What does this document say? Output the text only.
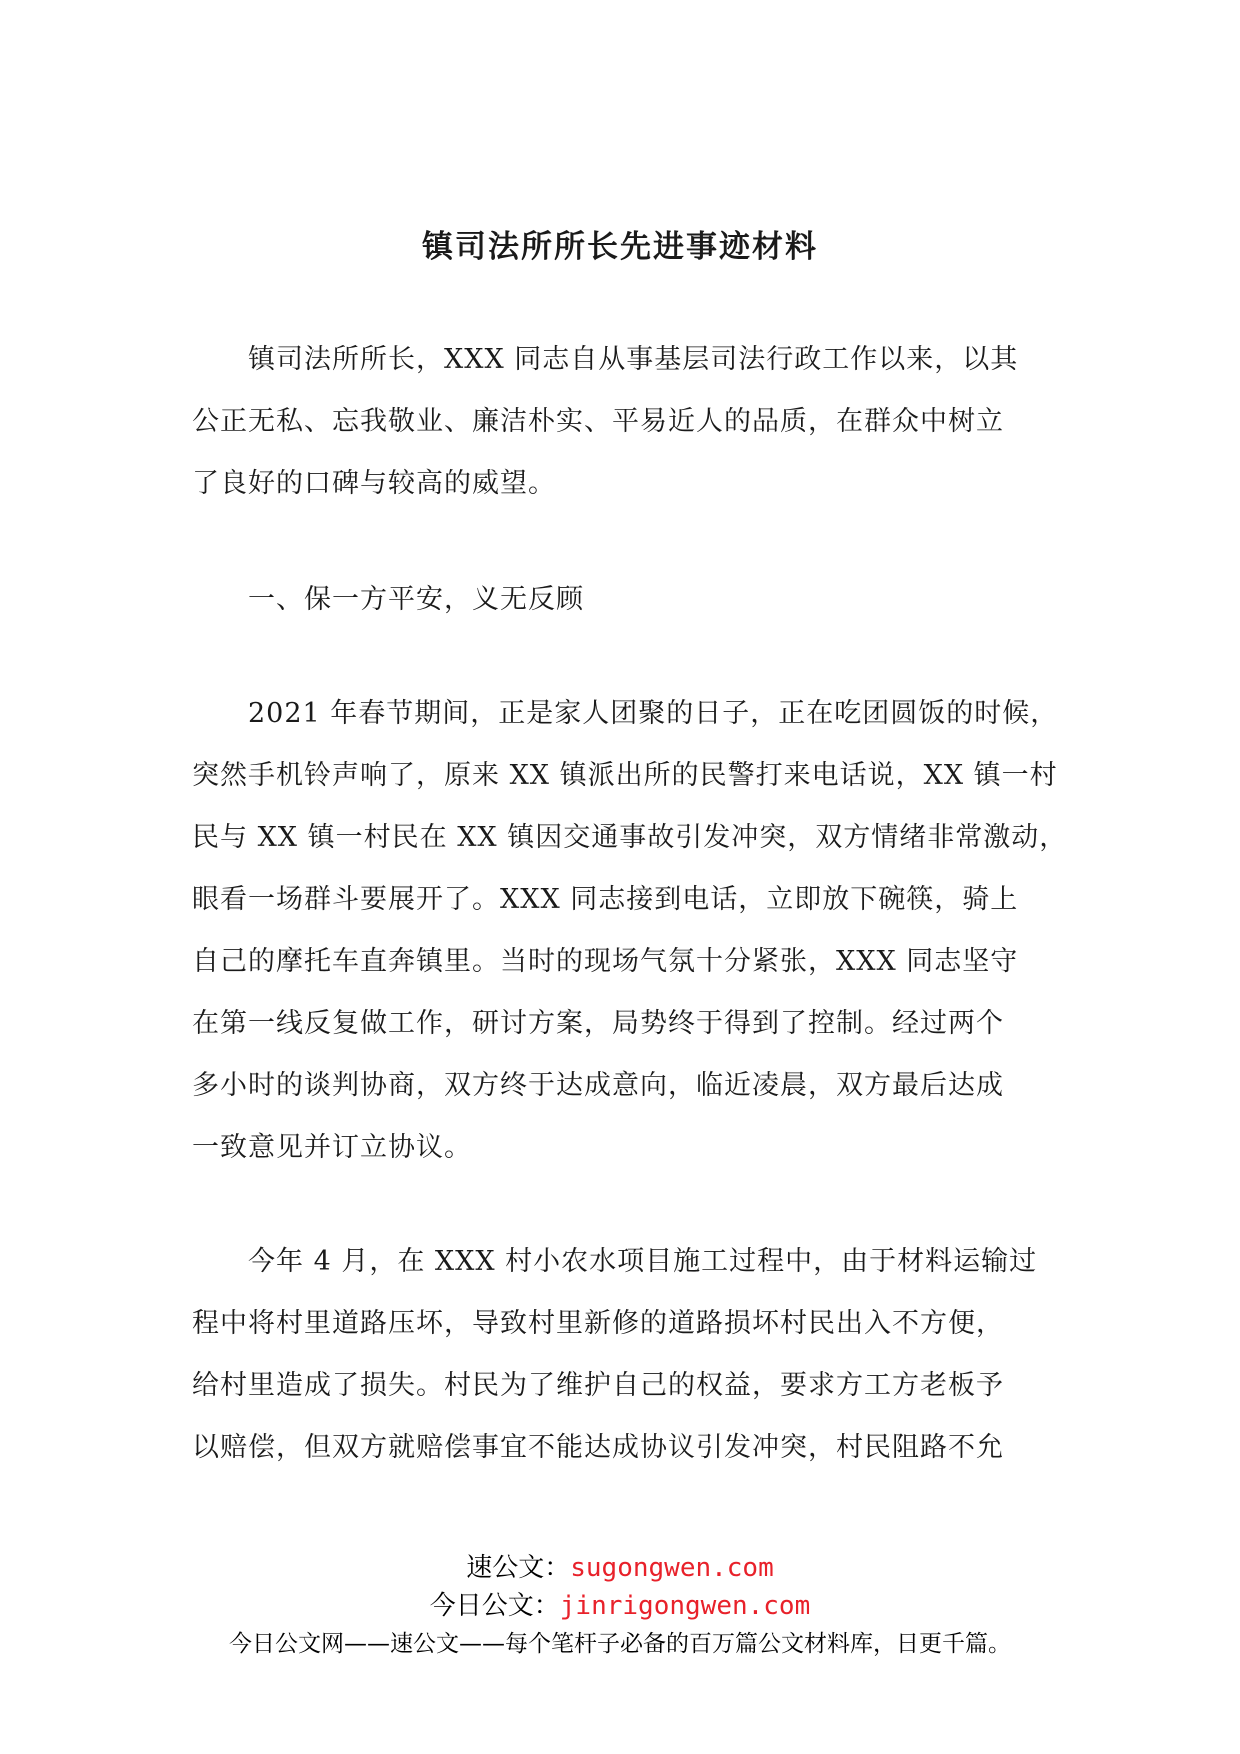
镇司法所所长先进事迹材料
　　镇司法所所长，XXX 同志自从事基层司法行政工作以来，以其
公正无私、忘我敬业、廉洁朴实、平易近人的品质，在群众中树立
了良好的口碑与较高的威望。
　　一、保一方平安，义无反顾
　　2021 年春节期间，正是家人团聚的日子，正在吃团圆饭的时候，
突然手机铃声响了，原来 XX 镇派出所的民警打来电话说，XX 镇一村
民与 XX 镇一村民在 XX 镇因交通事故引发冲突，双方情绪非常激动，
眼看一场群斗要展开了。XXX 同志接到电话，立即放下碗筷，骑上
自己的摩托车直奔镇里。当时的现场气氛十分紧张，XXX 同志坚守
在第一线反复做工作，研讨方案，局势终于得到了控制。经过两个
多小时的谈判协商，双方终于达成意向，临近凌晨，双方最后达成
一致意见并订立协议。
　　今年 4 月，在 XXX 村小农水项目施工过程中，由于材料运输过
程中将村里道路压坏，导致村里新修的道路损坏村民出入不方便，
给村里造成了损失。村民为了维护自己的权益，要求方工方老板予
以赔偿，但双方就赔偿事宜不能达成协议引发冲突，村民阻路不允
速公文：sugongwen.com
今日公文：jinrigongwen.com
今日公文网——速公文——每个笔杆子必备的百万篇公文材料库，日更千篇。
